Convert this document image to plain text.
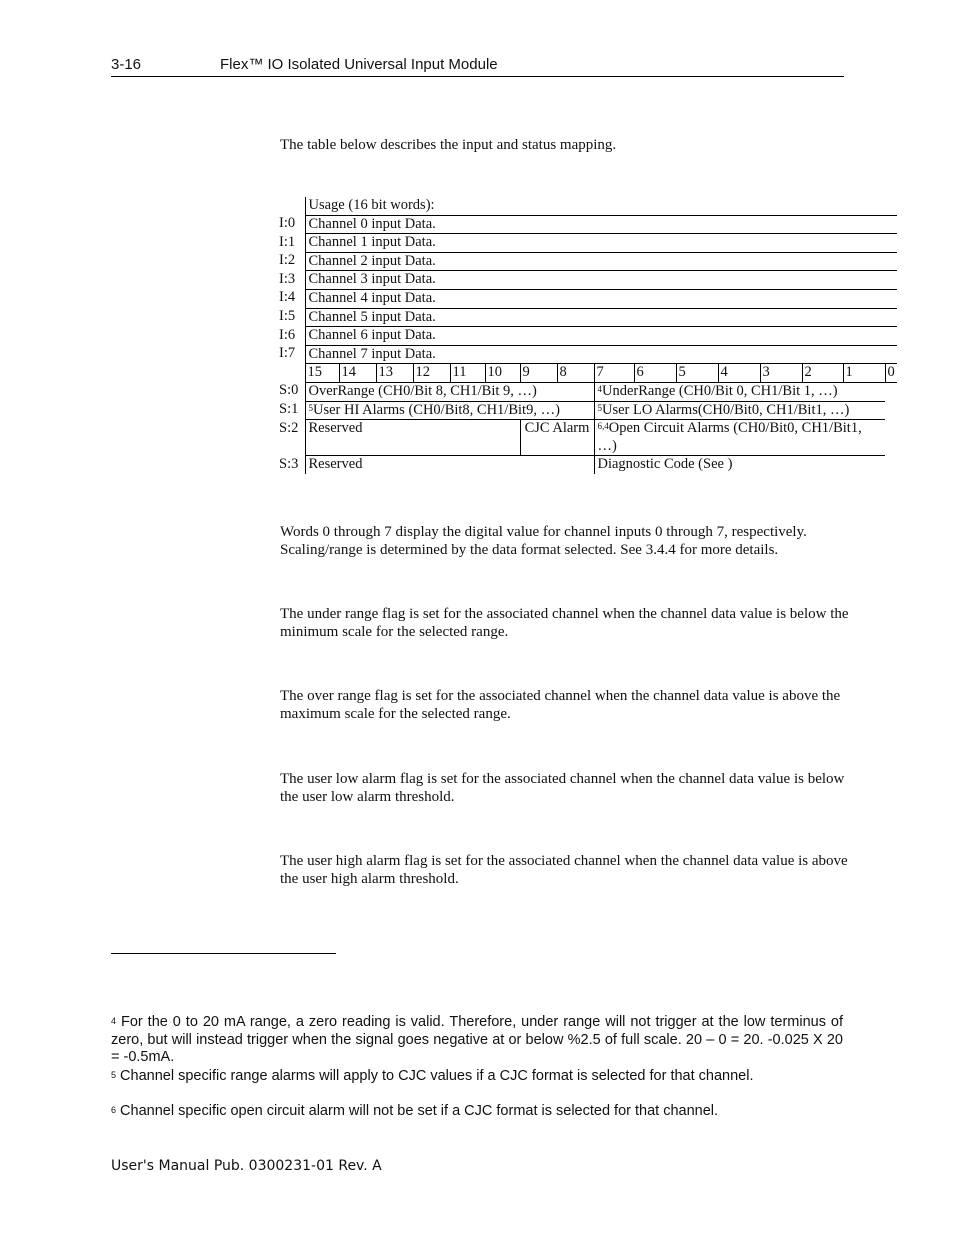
3-16	Flex™ IO Isolated Universal Input Module
The table below describes the input and status mapping.
	Usage (16 bit words):															
I:0	Channel 0 input Data.															
I:1	Channel 1 input Data.															
I:2	Channel 2 input Data.															
I:3	Channel 3 input Data.															
I:4	Channel 4 input Data.															
I:5	Channel 5 input Data.															
I:6	Channel 6 input Data.															
I:7	Channel 7 input Data.															
	15	14	13	12	11	10	9	8	7	6	5	4	3	2	1	0
S:0	OverRange (CH0/Bit 8, CH1/Bit 9, …)								$^4$UnderRange (CH0/Bit 0, CH1/Bit 1, …)							
S:1	$^5$User HI Alarms (CH0/Bit8, CH1/Bit9, …)								$^5$User LO Alarms(CH0/Bit0, CH1/Bit1, …)							
S:2	Reserved						CJC Alarm		$^{6,4}$Open Circuit Alarms (CH0/Bit0, CH1/Bit1, …)							
S:3	Reserved								Diagnostic Code (See )							
Words 0 through 7 display the digital value for channel inputs 0 through 7, respectively. Scaling/range is determined by the data format selected. See 3.4.4 for more details.
The under range flag is set for the associated channel when the channel data value is below the minimum scale for the selected range.
The over range flag is set for the associated channel when the channel data value is above the maximum scale for the selected range.
The user low alarm flag is set for the associated channel when the channel data value is below the user low alarm threshold.
The user high alarm flag is set for the associated channel when the channel data value is above the user high alarm threshold.
$^4$ For the 0 to 20 mA range, a zero reading is valid. Therefore, under range will not trigger at the low terminus of zero, but will instead trigger when the signal goes negative at or below %2.5 of full scale. 20 – 0 = 20. -0.025 X 20 = -0.5mA.
$^5$ Channel specific range alarms will apply to CJC values if a CJC format is selected for that channel.
$^6$ Channel specific open circuit alarm will not be set if a CJC format is selected for that channel.
User's Manual Pub. 0300231-01 Rev. A
